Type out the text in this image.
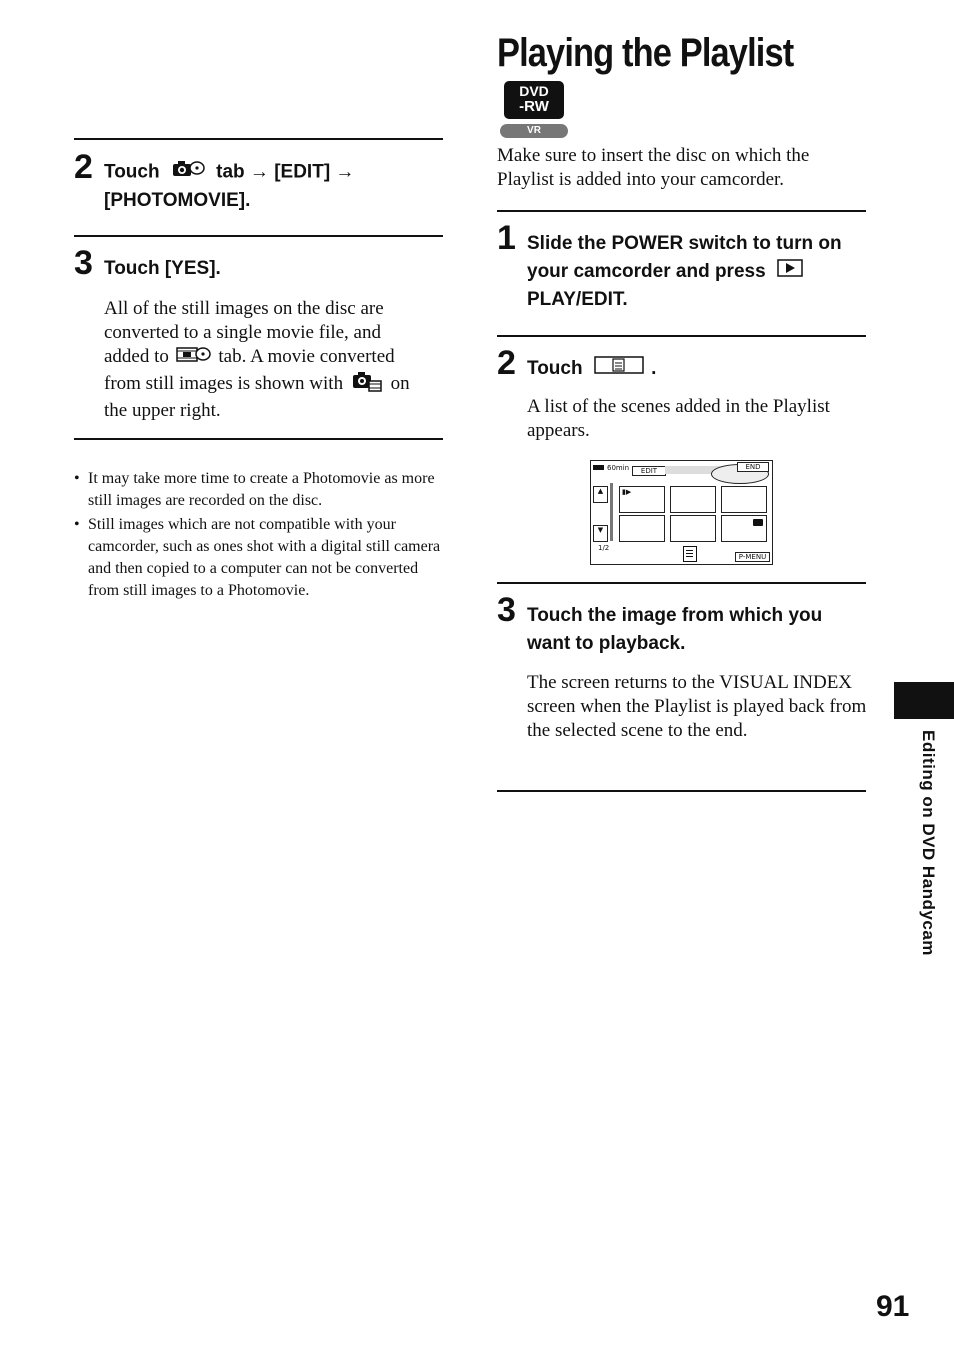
2 Touch	tab → [EDIT] →
[PHOTOMOVIE].
3 Touch [YES].
All of the still images on the disc are
converted to a single movie file, and
added to	tab. A movie converted
from still images is shown with	on
the upper right.
• It may take more time to create a Photomovie as more still images are recorded on the disc.
• Still images which are not compatible with your camcorder, such as ones shot with a digital still camera and then copied to a computer can not be converted from still images to a Photomovie.
Playing the Playlist
DVD
-RW
VR
Make sure to insert the disc on which the Playlist is added into your camcorder.
1 Slide the POWER switch to turn on
your camcorder and press
PLAY/EDIT.
2 Touch	.
A list of the scenes added in the Playlist appears.
60min	EDIT	END
▲
▼
▮▶
1/2
P-MENU
3 Touch the image from which you want to playback.
The screen returns to the VISUAL INDEX screen when the Playlist is played back from the selected scene to the end.	Editing on DVD Handycam
91
